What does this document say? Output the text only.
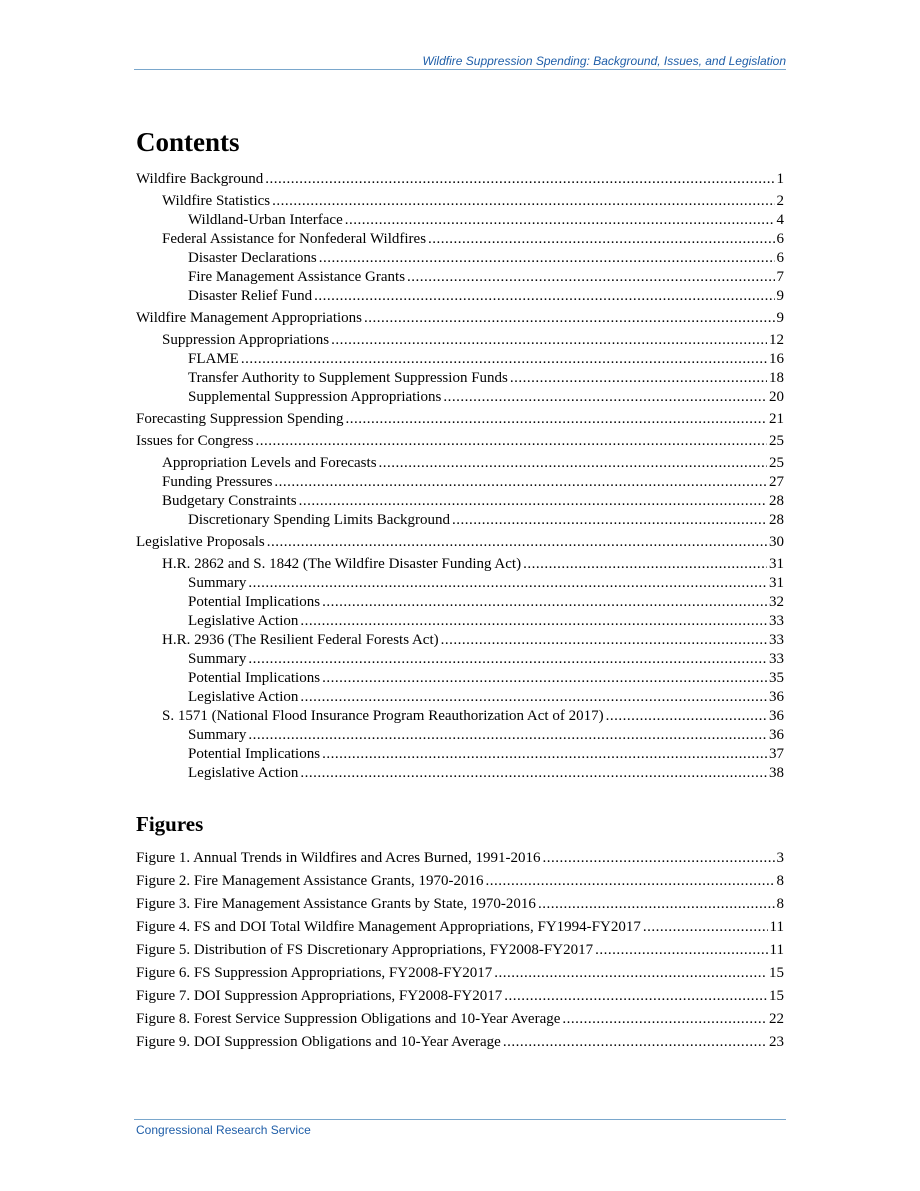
Wildfire Suppression Spending: Background, Issues, and Legislation
Contents
Wildfire Background .....	1
Wildfire Statistics .....	2
Wildland-Urban Interface .....	4
Federal Assistance for Nonfederal Wildfires .....	6
Disaster Declarations .....	6
Fire Management Assistance Grants .....	7
Disaster Relief Fund .....	9
Wildfire Management Appropriations .....	9
Suppression Appropriations .....	12
FLAME .....	16
Transfer Authority to Supplement Suppression Funds .....	18
Supplemental Suppression Appropriations .....	20
Forecasting Suppression Spending .....	21
Issues for Congress .....	25
Appropriation Levels and Forecasts .....	25
Funding Pressures .....	27
Budgetary Constraints .....	28
Discretionary Spending Limits Background .....	28
Legislative Proposals .....	30
H.R. 2862 and S. 1842 (The Wildfire Disaster Funding Act) .....	31
Summary .....	31
Potential Implications .....	32
Legislative Action .....	33
H.R. 2936 (The Resilient Federal Forests Act) .....	33
Summary .....	33
Potential Implications .....	35
Legislative Action .....	36
S. 1571 (National Flood Insurance Program Reauthorization Act of 2017) .....	36
Summary .....	36
Potential Implications .....	37
Legislative Action .....	38
Figures
Figure 1. Annual Trends in Wildfires and Acres Burned, 1991-2016 .....	3
Figure 2. Fire Management Assistance Grants, 1970-2016 .....	8
Figure 3. Fire Management Assistance Grants by State, 1970-2016 .....	8
Figure 4. FS and DOI Total Wildfire Management Appropriations, FY1994-FY2017 .....	11
Figure 5. Distribution of FS Discretionary Appropriations, FY2008-FY2017 .....	11
Figure 6. FS Suppression Appropriations, FY2008-FY2017 .....	15
Figure 7. DOI Suppression Appropriations, FY2008-FY2017 .....	15
Figure 8. Forest Service Suppression Obligations and 10-Year Average .....	22
Figure 9. DOI Suppression Obligations and 10-Year Average .....	23
Congressional Research Service
